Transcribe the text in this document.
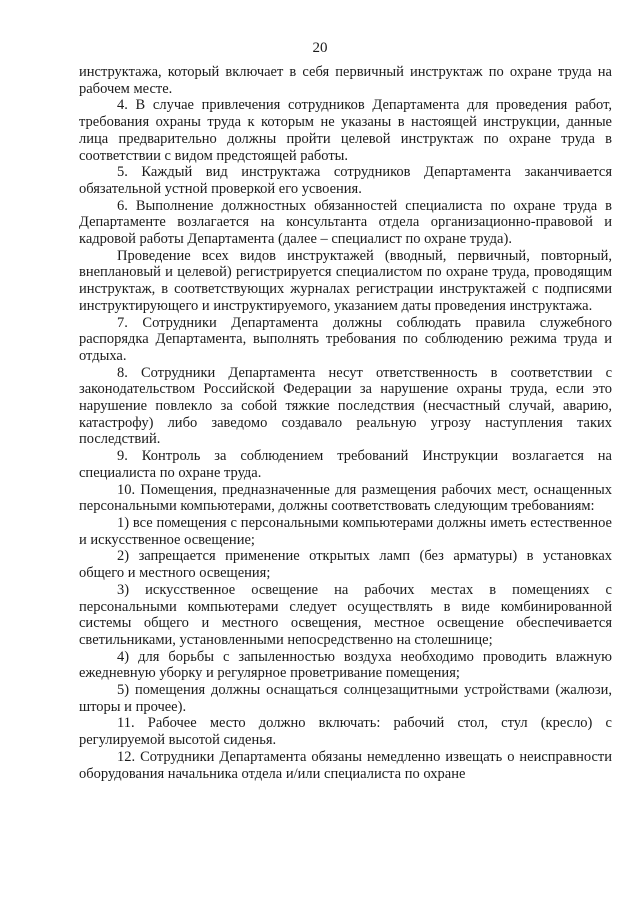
20

инструктажа, который включает в себя первичный инструктаж по охране труда на рабочем месте.

4. В случае привлечения сотрудников Департамента для проведения работ, требования охраны труда к которым не указаны в настоящей инструкции, данные лица предварительно должны пройти целевой инструктаж по охране труда в соответствии с видом предстоящей работы.

5. Каждый вид инструктажа сотрудников Департамента заканчивается обязательной устной проверкой его усвоения.

6. Выполнение должностных обязанностей специалиста по охране труда в Департаменте возлагается на консультанта отдела организационно-правовой и кадровой работы Департамента (далее – специалист по охране труда).

Проведение всех видов инструктажей (вводный, первичный, повторный, внеплановый и целевой) регистрируется специалистом по охране труда, проводящим инструктаж, в соответствующих журналах регистрации инструктажей с подписями инструктирующего и инструктируемого, указанием даты проведения инструктажа.

7. Сотрудники Департамента должны соблюдать правила служебного распорядка Департамента, выполнять требования по соблюдению режима труда и отдыха.

8. Сотрудники Департамента несут ответственность в соответствии с законодательством Российской Федерации за нарушение охраны труда, если это нарушение повлекло за собой тяжкие последствия (несчастный случай, аварию, катастрофу) либо заведомо создавало реальную угрозу наступления таких последствий.

9. Контроль за соблюдением требований Инструкции возлагается на специалиста по охране труда.

10. Помещения, предназначенные для размещения рабочих мест, оснащенных персональными компьютерами, должны соответствовать следующим требованиям:

1) все помещения с персональными компьютерами должны иметь естественное и искусственное освещение;

2) запрещается применение открытых ламп (без арматуры) в установках общего и местного освещения;

3) искусственное освещение на рабочих местах в помещениях с персональными компьютерами следует осуществлять в виде комбинированной системы общего и местного освещения, местное освещение обеспечивается светильниками, установленными непосредственно на столешнице;

4) для борьбы с запыленностью воздуха необходимо проводить влажную ежедневную уборку и регулярное проветривание помещения;

5) помещения должны оснащаться солнцезащитными устройствами (жалюзи, шторы и прочее).

11. Рабочее место должно включать: рабочий стол, стул (кресло) с регулируемой высотой сиденья.

12. Сотрудники Департамента обязаны немедленно извещать о неисправности оборудования начальника отдела и/или специалиста по охране
